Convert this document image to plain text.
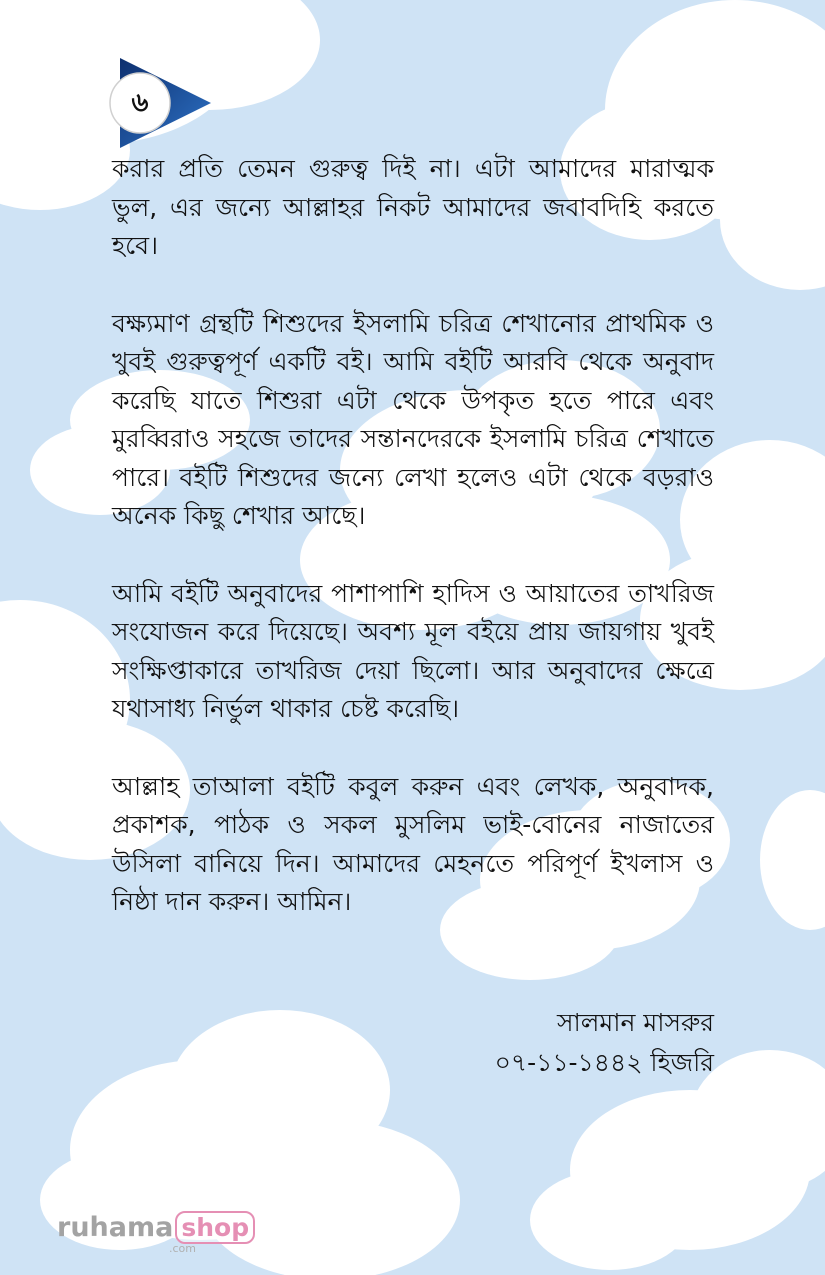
৬

করার প্রতি তেমন গুরুত্ব দিই না। এটা আমাদের মারাত্মক ভুল, এর জন্যে আল্লাহর নিকট আমাদের জবাবদিহি করতে হবে।

বক্ষ্যমাণ গ্রন্থটি শিশুদের ইসলামি চরিত্র শেখানোর প্রাথমিক ও খুবই গুরুত্বপূর্ণ একটি বই। আমি বইটি আরবি থেকে অনুবাদ করেছি যাতে শিশুরা এটা থেকে উপকৃত হতে পারে এবং মুরব্বিরাও সহজে তাদের সন্তানদেরকে ইসলামি চরিত্র শেখাতে পারে। বইটি শিশুদের জন্যে লেখা হলেও এটা থেকে বড়রাও অনেক কিছু শেখার আছে।

আমি বইটি অনুবাদের পাশাপাশি হাদিস ও আয়াতের তাখরিজ সংযোজন করে দিয়েছে। অবশ্য মূল বইয়ে প্রায় জায়গায় খুবই সংক্ষিপ্তাকারে তাখরিজ দেয়া ছিলো। আর অনুবাদের ক্ষেত্রে যথাসাধ্য নির্ভুল থাকার চেষ্ট করেছি।

আল্লাহ তাআলা বইটি কবুল করুন এবং লেখক, অনুবাদক, প্রকাশক, পাঠক ও সকল মুসলিম ভাই-বোনের নাজাতের উসিলা বানিয়ে দিন। আমাদের মেহনতে পরিপূর্ণ ইখলাস ও নিষ্ঠা দান করুন। আমিন।

সালমান মাসরুর
০৭-১১-১৪৪২ হিজরি
ruhama shop
.com
